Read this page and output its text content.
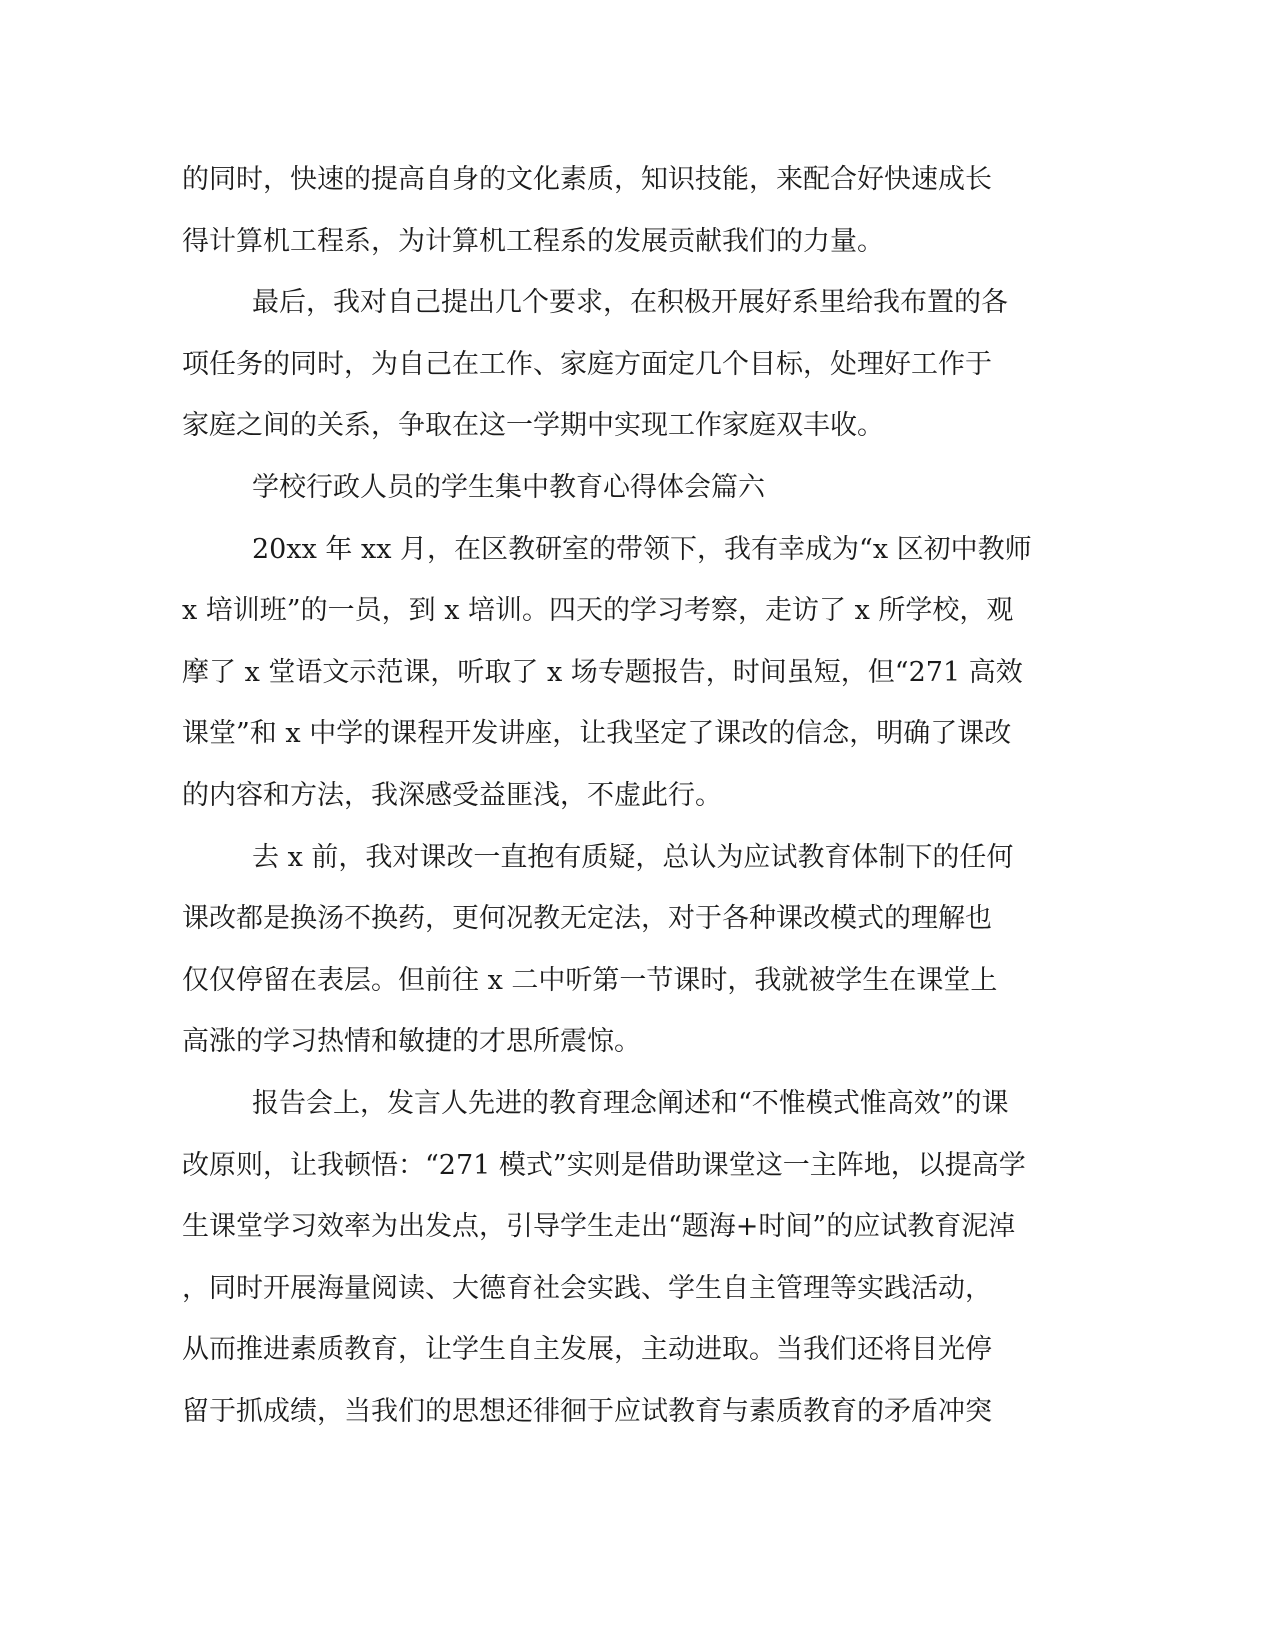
的同时，快速的提高自身的文化素质，知识技能，来配合好快速成长
得计算机工程系，为计算机工程系的发展贡献我们的力量。
最后，我对自己提出几个要求，在积极开展好系里给我布置的各
项任务的同时，为自己在工作、家庭方面定几个目标，处理好工作于
家庭之间的关系，争取在这一学期中实现工作家庭双丰收。
学校行政人员的学生集中教育心得体会篇六
20xx 年 xx 月，在区教研室的带领下，我有幸成为“x 区初中教师
x 培训班”的一员，到 x 培训。四天的学习考察，走访了 x 所学校，观
摩了 x 堂语文示范课，听取了 x 场专题报告，时间虽短，但“271 高效
课堂”和 x 中学的课程开发讲座，让我坚定了课改的信念，明确了课改
的内容和方法，我深感受益匪浅，不虚此行。
去 x 前，我对课改一直抱有质疑，总认为应试教育体制下的任何
课改都是换汤不换药，更何况教无定法，对于各种课改模式的理解也
仅仅停留在表层。但前往 x 二中听第一节课时，我就被学生在课堂上
高涨的学习热情和敏捷的才思所震惊。
报告会上，发言人先进的教育理念阐述和“不惟模式惟高效”的课
改原则，让我顿悟：“271 模式”实则是借助课堂这一主阵地，以提高学
生课堂学习效率为出发点，引导学生走出“题海+时间”的应试教育泥淖
，同时开展海量阅读、大德育社会实践、学生自主管理等实践活动，
从而推进素质教育，让学生自主发展，主动进取。当我们还将目光停
留于抓成绩，当我们的思想还徘徊于应试教育与素质教育的矛盾冲突
